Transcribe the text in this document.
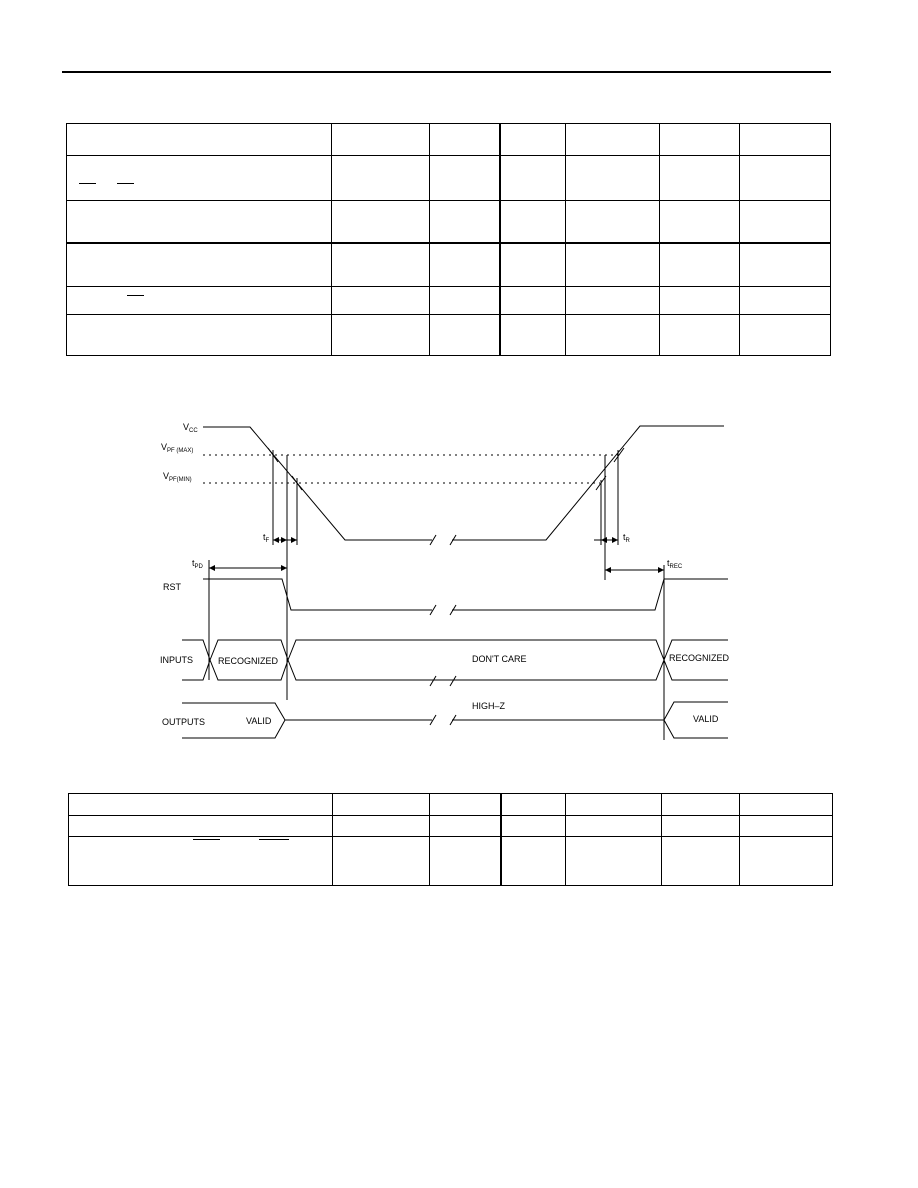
$V_{CC}$
$V_{PF (MAX)}$
$V_{PF(MIN)}$
$t_F$	$t_R$
$t_{PD}$	$t_{REC}$
RST
INPUTS	RECOGNIZED	DON'T CARE	RECOGNIZED
OUTPUTS	VALID
HIGH–Z
VALID
